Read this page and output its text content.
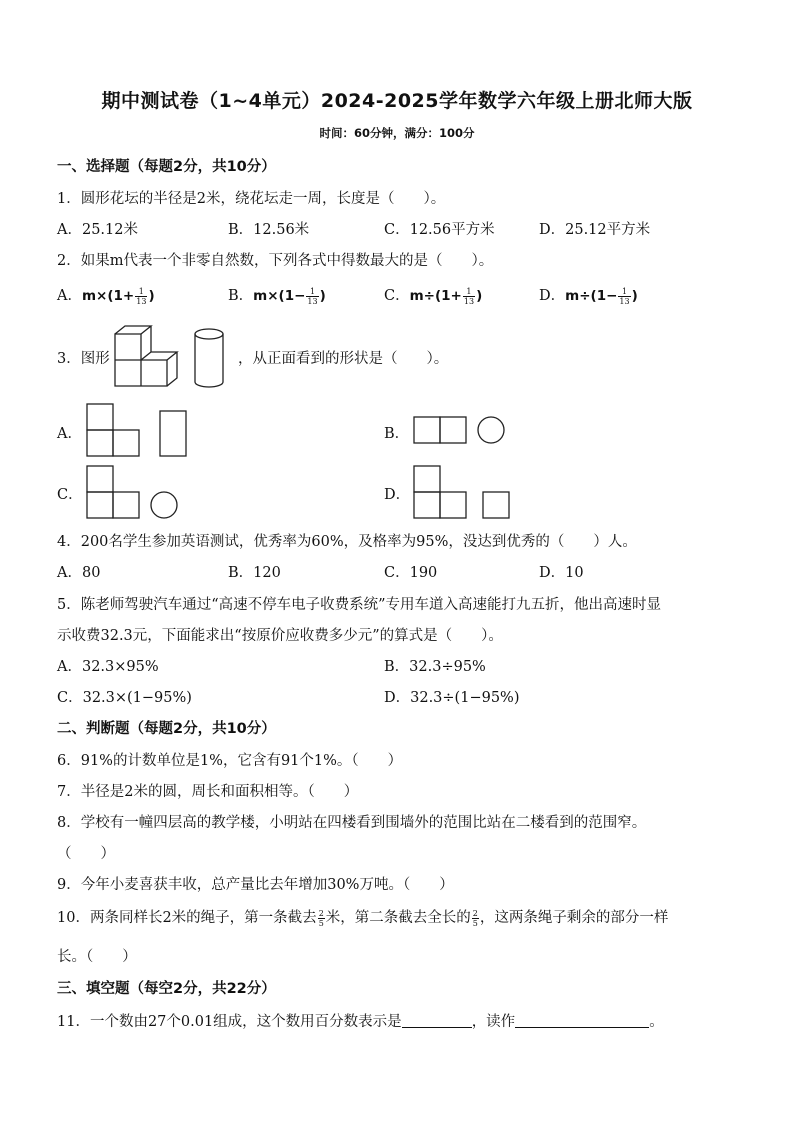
期中测试卷（1~4单元）2024-2025学年数学六年级上册北师大版
时间：60分钟，满分：100分
一、选择题（每题2分，共10分）
1．圆形花坛的半径是2米，绕花坛走一周，长度是（　　）。
A．25.12米	B．12.56米	C．12.56平方米	D．25.12平方米
2．如果m代表一个非零自然数，下列各式中得数最大的是（　　）。
A．$m\times(1+ \frac{1}{13}$ )	B．$m\times(1- \frac{1}{13}$ )	C．$m\div(1+ \frac{1}{13}$ )	D．$m\div(1- \frac{1}{13}$ )
3．图形	，从正面看到的形状是（　　）。
A．	B．
C．	D．
4．200名学生参加英语测试，优秀率为60%，及格率为95%，没达到优秀的（　　）人。
A．80	B．120	C．190	D．10
5．陈老师驾驶汽车通过“高速不停车电子收费系统”专用车道入高速能打九五折，他出高速时显
示收费32.3元，下面能求出“按原价应收费多少元”的算式是（　　）。
A．32.3×95%	B．32.3÷95%
C．32.3×(1−95%)	D．32.3÷(1−95%)
二、判断题（每题2分，共10分）
6．91%的计数单位是1%，它含有91个1%。（　　）
7．半径是2米的圆，周长和面积相等。（　　）
8．学校有一幢四层高的教学楼，小明站在四楼看到围墙外的范围比站在二楼看到的范围窄。
（　　）
9．今年小麦喜获丰收，总产量比去年增加30%万吨。（　　）
10．两条同样长2米的绳子，第一条截去 $\frac{2}{5}$ 米，第二条截去全长的 $\frac{2}{5}$ ，这两条绳子剩余的部分一样
长。（　　）
三、填空题（每空2分，共22分）
11．一个数由27个0.01组成，这个数用百分数表示是	，读作	。
